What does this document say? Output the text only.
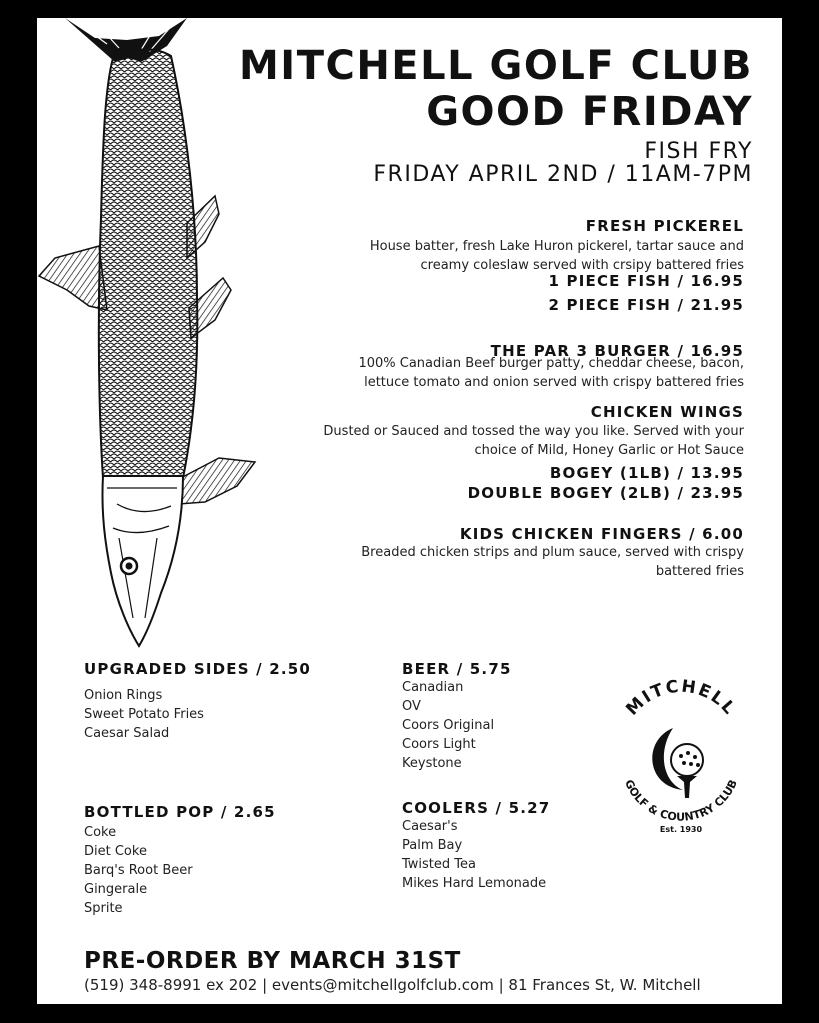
MITCHELL GOLF CLUB
GOOD FRIDAY
FISH FRY
FRIDAY APRIL 2ND / 11AM-7PM
FRESH PICKEREL
House batter, fresh Lake Huron pickerel, tartar sauce and
creamy coleslaw served with crsipy battered fries
1 PIECE FISH / 16.95
2 PIECE FISH / 21.95
THE PAR 3 BURGER / 16.95
100% Canadian Beef burger patty, cheddar cheese, bacon,
lettuce tomato and onion served with crispy battered fries
CHICKEN WINGS
Dusted or Sauced and tossed the way you like. Served with your
choice of Mild, Honey Garlic or Hot Sauce
BOGEY (1LB) / 13.95
DOUBLE BOGEY (2LB) / 23.95
KIDS CHICKEN FINGERS / 6.00
Breaded chicken strips and plum sauce, served with crispy
battered fries
UPGRADED SIDES / 2.50
Onion Rings
Sweet Potato Fries
Caesar Salad
BOTTLED POP / 2.65
Coke
Diet Coke
Barq's Root Beer
Gingerale
Sprite
BEER / 5.75
Canadian
OV
Coors Original
Coors Light
Keystone
COOLERS / 5.27
Caesar's
Palm Bay
Twisted Tea
Mikes Hard Lemonade
MITCHELL
GOLF & COUNTRY CLUB
Est. 1930
PRE-ORDER BY MARCH 31ST
(519) 348-8991 ex 202 | events@mitchellgolfclub.com | 81 Frances St, W. Mitchell
